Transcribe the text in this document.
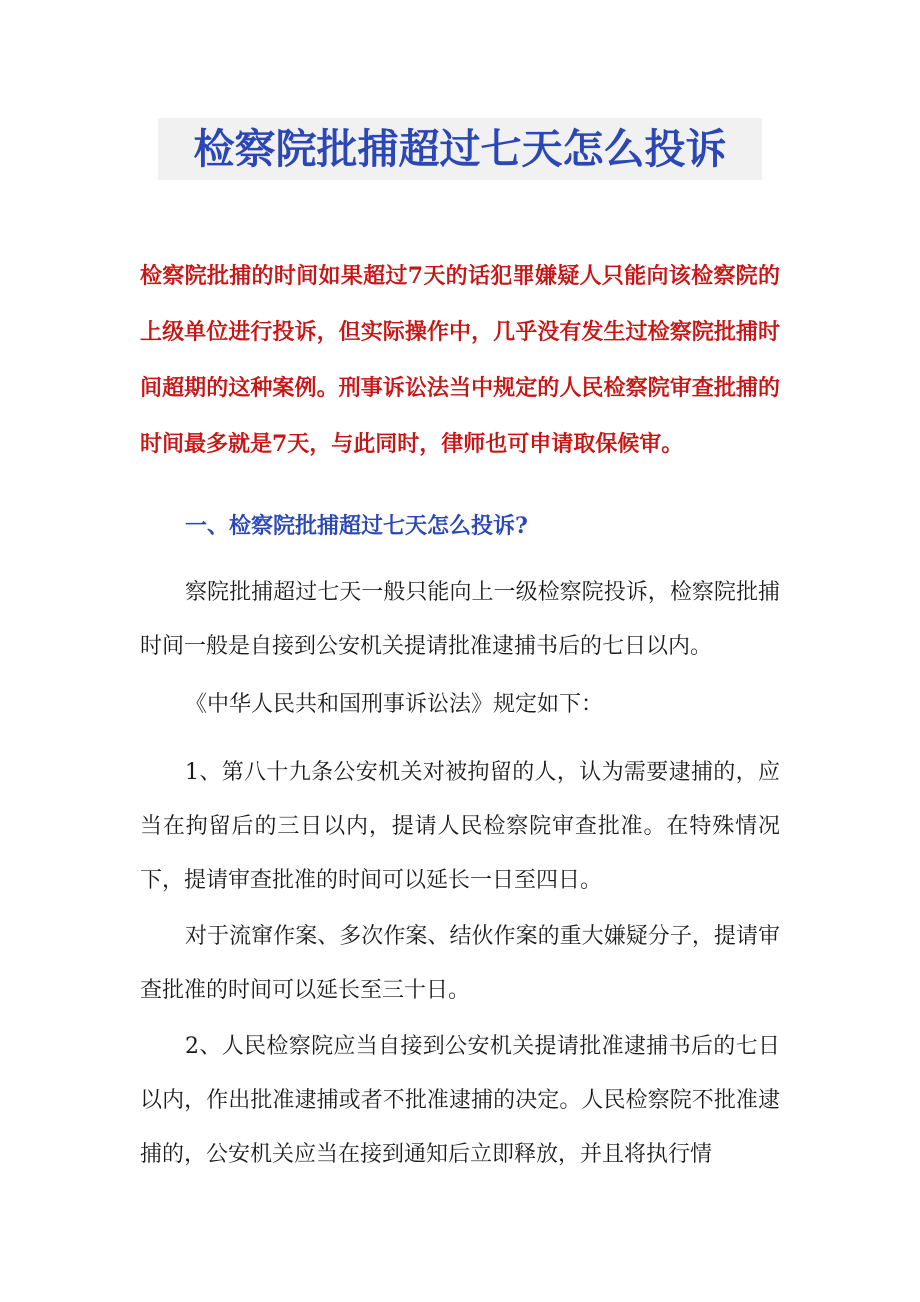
检察院批捕超过七天怎么投诉
检察院批捕的时间如果超过7天的话犯罪嫌疑人只能向该检察院的上级单位进行投诉，但实际操作中，几乎没有发生过检察院批捕时间超期的这种案例。刑事诉讼法当中规定的人民检察院审查批捕的时间最多就是7天，与此同时，律师也可申请取保候审。
一、检察院批捕超过七天怎么投诉?

察院批捕超过七天一般只能向上一级检察院投诉，检察院批捕时间一般是自接到公安机关提请批准逮捕书后的七日以内。

《中华人民共和国刑事诉讼法》规定如下：

1、第八十九条公安机关对被拘留的人，认为需要逮捕的，应当在拘留后的三日以内，提请人民检察院审查批准。在特殊情况下，提请审查批准的时间可以延长一日至四日。

对于流窜作案、多次作案、结伙作案的重大嫌疑分子，提请审查批准的时间可以延长至三十日。

2、人民检察院应当自接到公安机关提请批准逮捕书后的七日以内，作出批准逮捕或者不批准逮捕的决定。人民检察院不批准逮捕的，公安机关应当在接到通知后立即释放，并且将执行情
